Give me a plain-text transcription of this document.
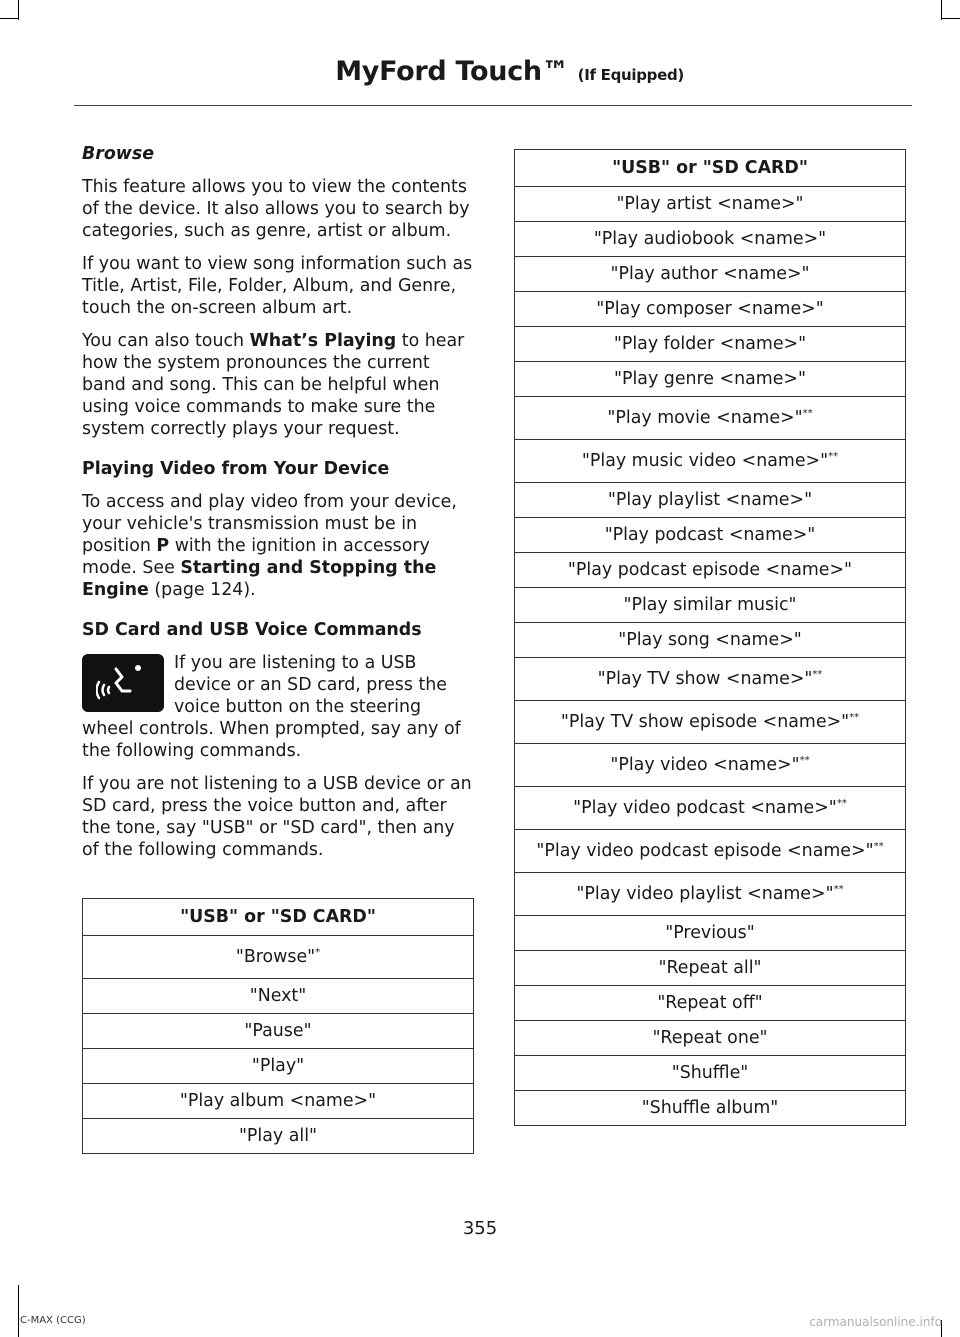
MyFord Touch™ (If Equipped)
Browse

This feature allows you to view the contents of the device. It also allows you to search by categories, such as genre, artist or album.

If you want to view song information such as Title, Artist, File, Folder, Album, and Genre, touch the on-screen album art.

You can also touch What’s Playing to hear how the system pronounces the current band and song. This can be helpful when using voice commands to make sure the system correctly plays your request.

Playing Video from Your Device

To access and play video from your device, your vehicle's transmission must be in position P with the ignition in accessory mode. See Starting and Stopping the Engine (page 124).

SD Card and USB Voice Commands

If you are listening to a USB device or an SD card, press the voice button on the steering wheel controls. When prompted, say any of the following commands.

If you are not listening to a USB device or an SD card, press the voice button and, after the tone, say "USB" or "SD card", then any of the following commands.

"USB" or "SD CARD"
"Browse"*
"Next"
"Pause"
"Play"
"Play album <name>"
"Play all"
"USB" or "SD CARD"
"Play artist <name>"
"Play audiobook <name>"
"Play author <name>"
"Play composer <name>"
"Play folder <name>"
"Play genre <name>"
"Play movie <name>"**
"Play music video <name>"**
"Play playlist <name>"
"Play podcast <name>"
"Play podcast episode <name>"
"Play similar music"
"Play song <name>"
"Play TV show <name>"**
"Play TV show episode <name>"**
"Play video <name>"**
"Play video podcast <name>"**
"Play video podcast episode <name>"**
"Play video playlist <name>"**
"Previous"
"Repeat all"
"Repeat off"
"Repeat one"
"Shuffle"
"Shuffle album"
355
C-MAX (CCG)	carmanualsonline.info
